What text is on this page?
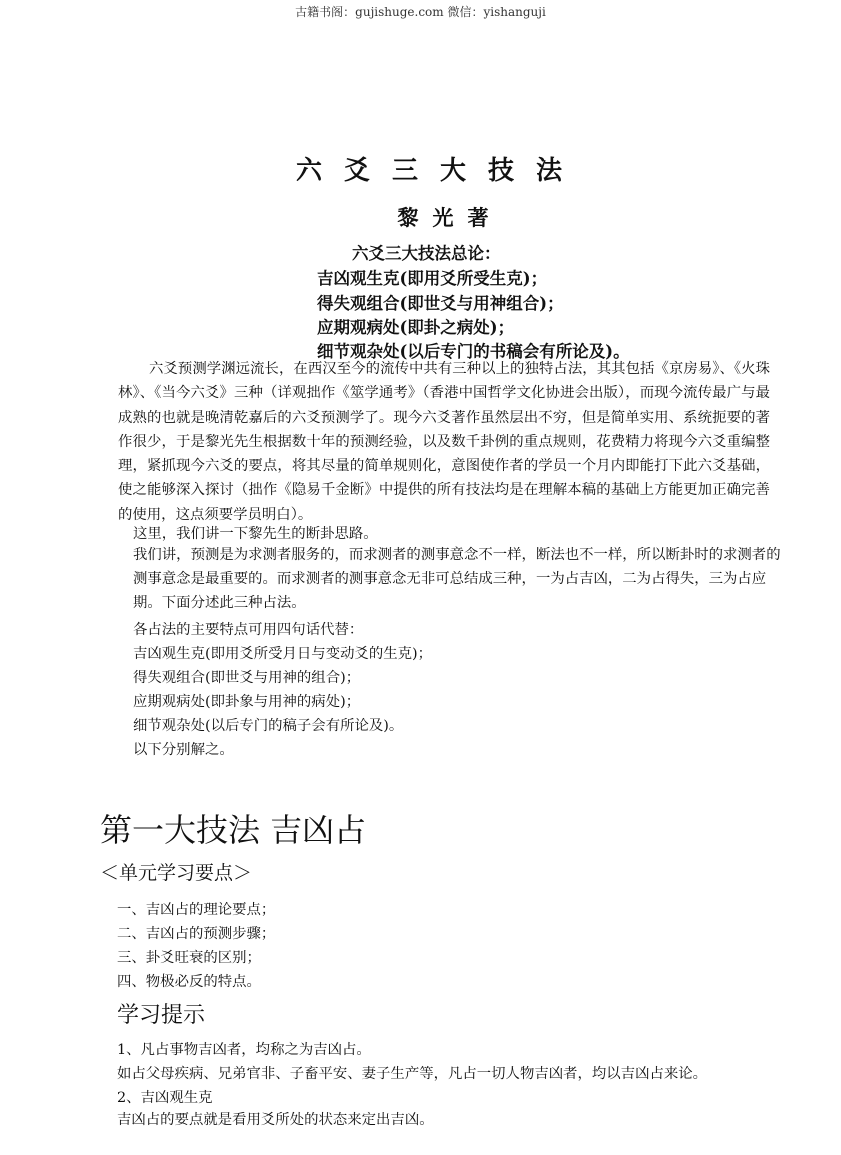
古籍书阁：gujishuge.com 微信：yishanguji
六爻三大技法
黎光著
六爻三大技法总论：
吉凶观生克(即用爻所受生克)；
得失观组合(即世爻与用神组合)；
应期观病处(即卦之病处)；
细节观杂处(以后专门的书稿会有所论及)。
六爻预测学渊远流长，在西汉至今的流传中共有三种以上的独特占法，其其包括《京房易》、《火珠林》、《当今六爻》三种（详观拙作《筮学通考》（香港中国哲学文化协进会出版），而现今流传最广与最成熟的也就是晚清乾嘉后的六爻预测学了。现今六爻著作虽然层出不穷，但是简单实用、系统扼要的著作很少，于是黎光先生根据数十年的预测经验，以及数千卦例的重点规则，花费精力将现今六爻重编整理，紧抓现今六爻的要点，将其尽量的简单规则化，意图使作者的学员一个月内即能打下此六爻基础，使之能够深入探讨（拙作《隐易千金断》中提供的所有技法均是在理解本稿的基础上方能更加正确完善的使用，这点须要学员明白）。
这里，我们讲一下黎先生的断卦思路。
我们讲，预测是为求测者服务的，而求测者的测事意念不一样，断法也不一样，所以断卦时的求测者的测事意念是最重要的。而求测者的测事意念无非可总结成三种，一为占吉凶，二为占得失，三为占应期。下面分述此三种占法。
各占法的主要特点可用四句话代替：
吉凶观生克(即用爻所受月日与变动爻的生克)；
得失观组合(即世爻与用神的组合)；
应期观病处(即卦象与用神的病处)；
细节观杂处(以后专门的稿子会有所论及)。
以下分别解之。
第一大技法 吉凶占
＜单元学习要点＞
一、吉凶占的理论要点；
二、吉凶占的预测步骤；
三、卦爻旺衰的区别；
四、物极必反的特点。
学习提示
1、凡占事物吉凶者，均称之为吉凶占。
如占父母疾病、兄弟官非、子畜平安、妻子生产等，凡占一切人物吉凶者，均以吉凶占来论。
2、吉凶观生克
吉凶占的要点就是看用爻所处的状态来定出吉凶。
